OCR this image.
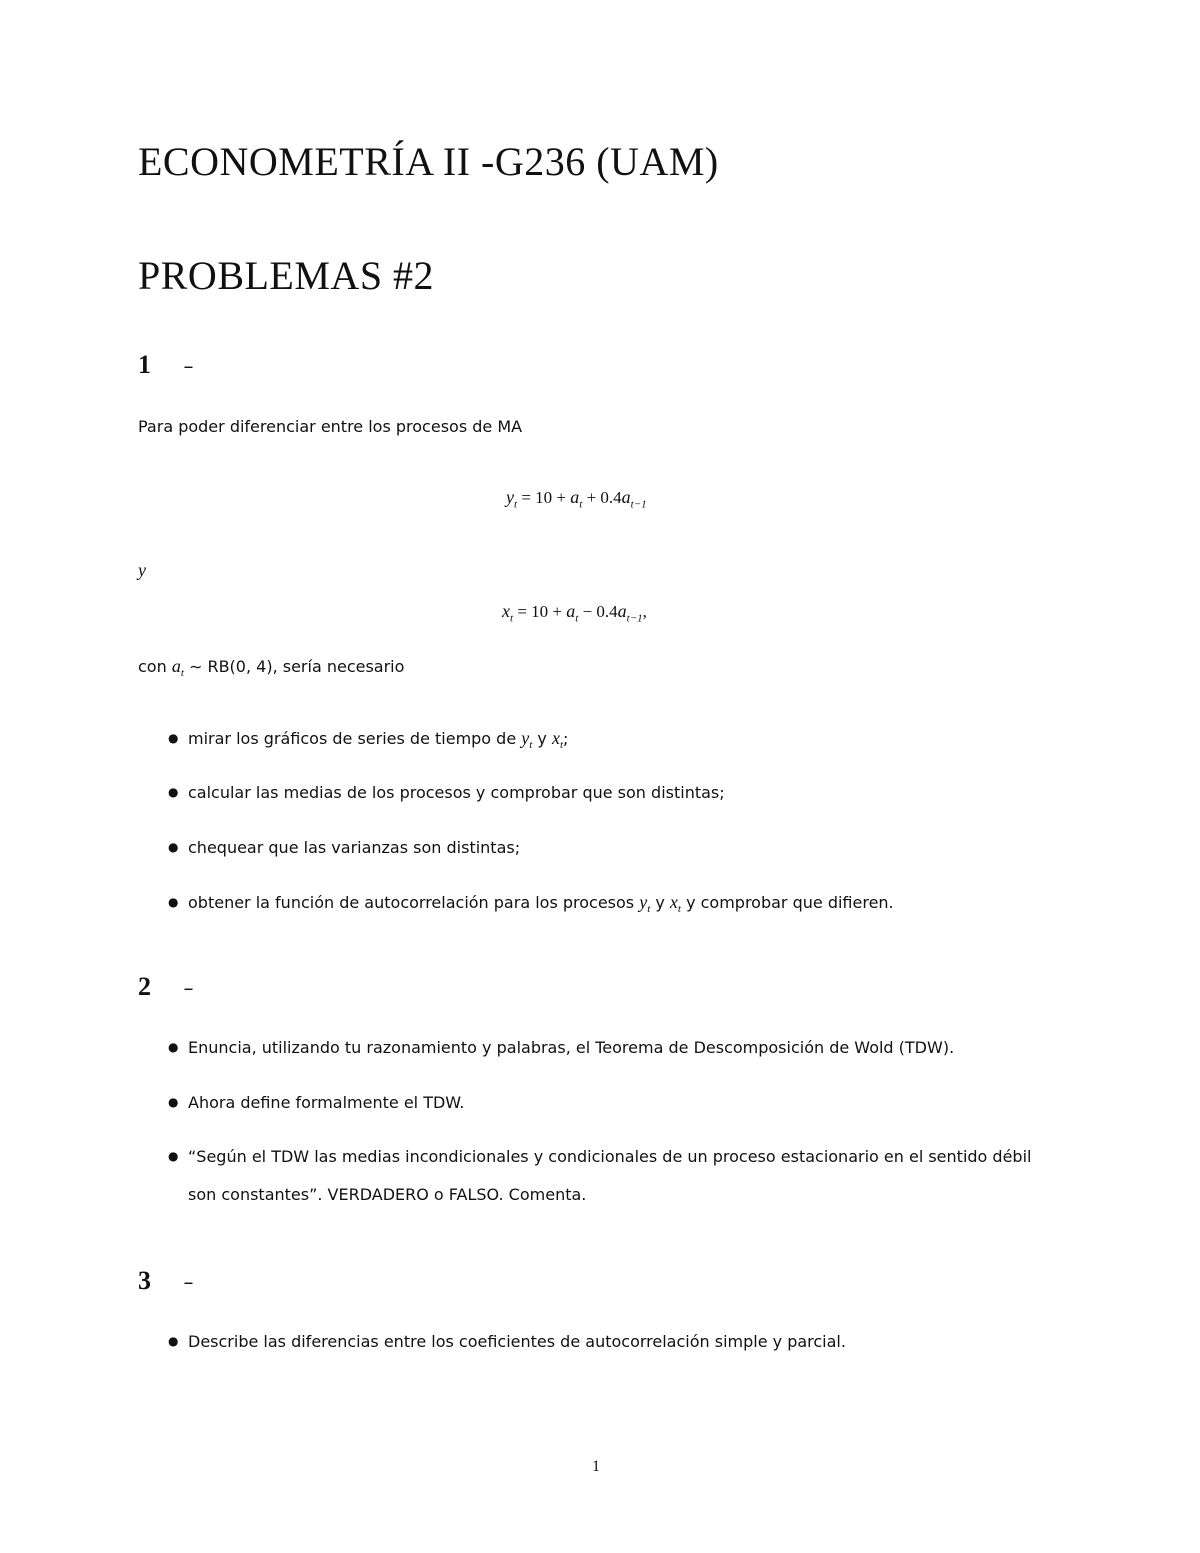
ECONOMETRÍA II -G236 (UAM)
PROBLEMAS #2
1 –
Para poder diferenciar entre los procesos de MA
$y_t = 10 + a_t + 0.4a_{t-1}$
y
$x_t = 10 + a_t - 0.4a_{t-1}$,
con $a_t$ ∼ RB(0, 4), sería necesario
● mirar los gráficos de series de tiempo de $y_t$ y $x_t$;
● calcular las medias de los procesos y comprobar que son distintas;
● chequear que las varianzas son distintas;
● obtener la función de autocorrelación para los procesos $y_t$ y $x_t$ y comprobar que difieren.
2 –
● Enuncia, utilizando tu razonamiento y palabras, el Teorema de Descomposición de Wold (TDW).
● Ahora define formalmente el TDW.
● “Según el TDW las medias incondicionales y condicionales de un proceso estacionario en el sentido débil
son constantes”. VERDADERO o FALSO. Comenta.
3 –
● Describe las diferencias entre los coeficientes de autocorrelación simple y parcial.
1
